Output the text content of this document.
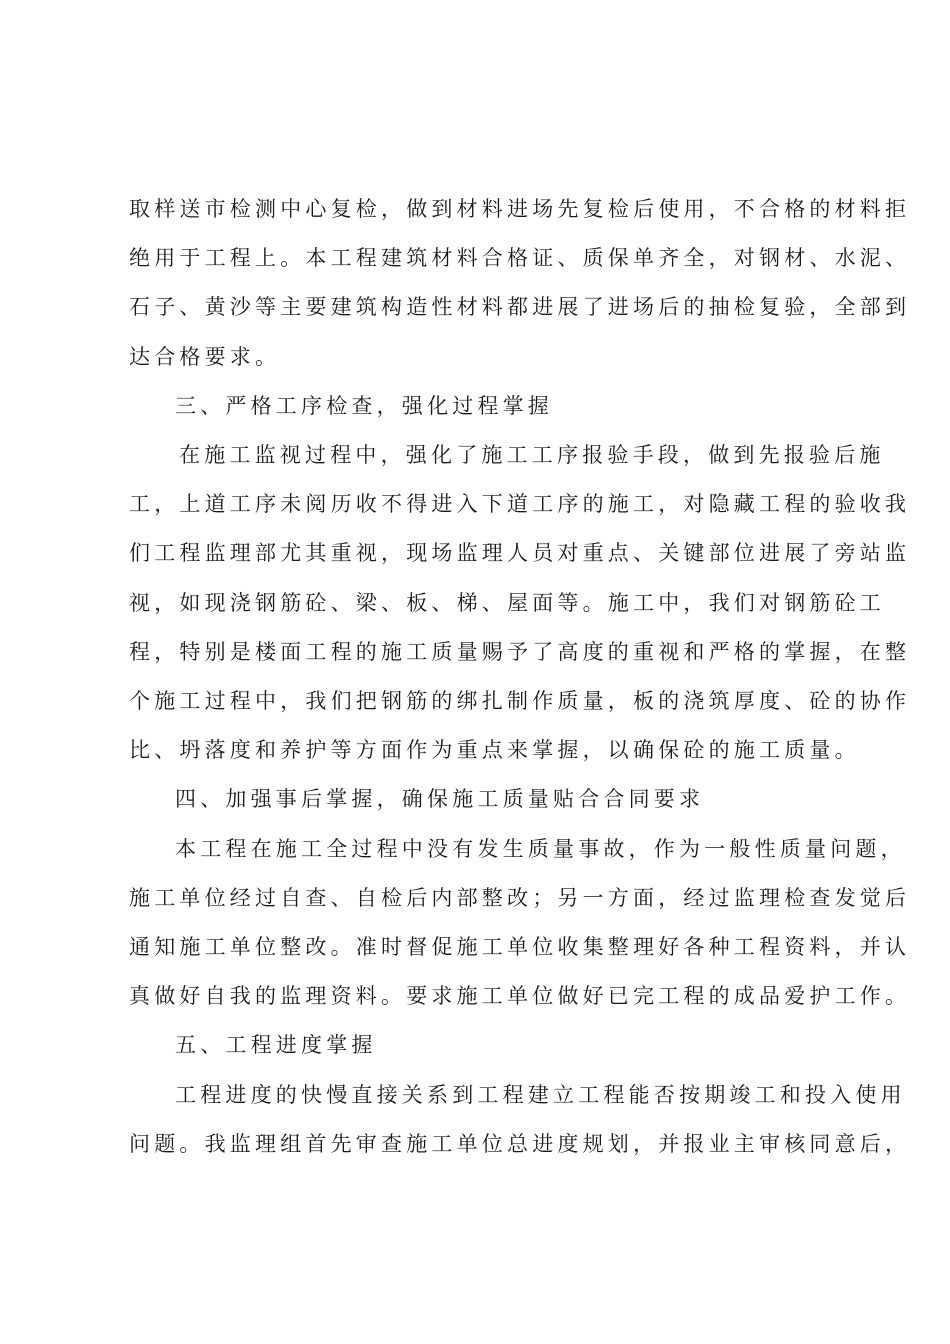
取样送市检测中心复检，做到材料进场先复检后使用，不合格的材料拒
绝用于工程上。本工程建筑材料合格证、质保单齐全，对钢材、水泥、
石子、黄沙等主要建筑构造性材料都进展了进场后的抽检复验，全部到
达合格要求。

三、严格工序检查，强化过程掌握

在施工监视过程中，强化了施工工序报验手段，做到先报验后施
工，上道工序未阅历收不得进入下道工序的施工，对隐藏工程的验收我
们工程监理部尤其重视，现场监理人员对重点、关键部位进展了旁站监
视，如现浇钢筋砼、梁、板、梯、屋面等。施工中，我们对钢筋砼工
程，特别是楼面工程的施工质量赐予了高度的重视和严格的掌握，在整
个施工过程中，我们把钢筋的绑扎制作质量，板的浇筑厚度、砼的协作
比、坍落度和养护等方面作为重点来掌握，以确保砼的施工质量。

四、加强事后掌握，确保施工质量贴合合同要求

本工程在施工全过程中没有发生质量事故，作为一般性质量问题，
施工单位经过自查、自检后内部整改；另一方面，经过监理检查发觉后
通知施工单位整改。准时督促施工单位收集整理好各种工程资料，并认
真做好自我的监理资料。要求施工单位做好已完工程的成品爱护工作。

五、工程进度掌握

工程进度的快慢直接关系到工程建立工程能否按期竣工和投入使用
问题。我监理组首先审查施工单位总进度规划，并报业主审核同意后，
